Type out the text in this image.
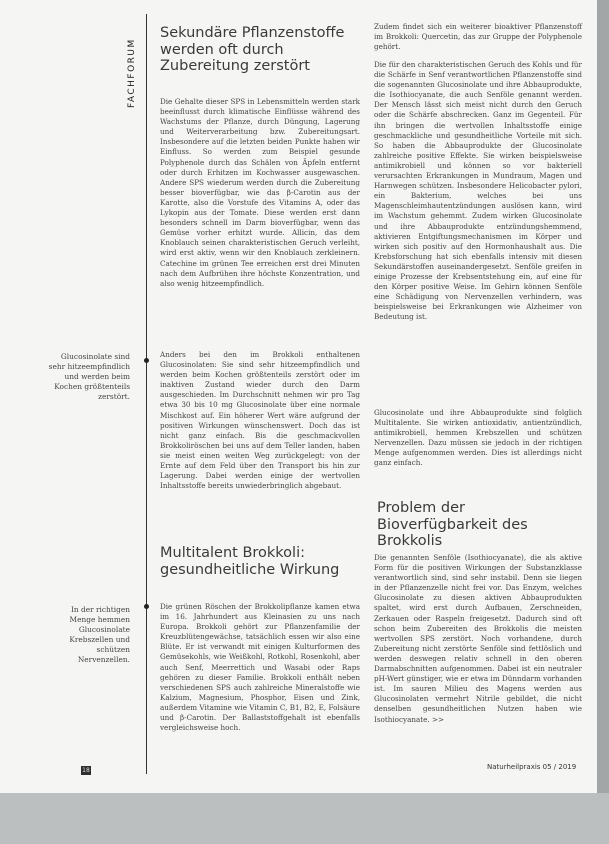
FACHFORUM
Sekundäre Pflanzenstoffe werden oft durch Zubereitung zerstört

Die Gehalte dieser SPS in Lebensmitteln werden stark beeinflusst durch klimatische Einflüsse während des Wachstums der Pflanze, durch Düngung, Lagerung und Weiterverarbeitung bzw. Zubereitungsart. Insbesondere auf die letzten beiden Punkte haben wir Einfluss. So werden zum Beispiel gesunde Polyphenole durch das Schälen von Äpfeln entfernt oder durch Erhitzen im Kochwasser ausgewaschen. Andere SPS wiederum werden durch die Zubereitung besser bioverfügbar, wie das β-Carotin aus der Karotte, also die Vorstufe des Vitamins A, oder das Lykopin aus der Tomate. Diese werden erst dann besonders schnell im Darm bioverfügbar, wenn das Gemüse vorher erhitzt wurde. Allicin, das dem Knoblauch seinen charakteristischen Geruch verleiht, wird erst aktiv, wenn wir den Knoblauch zerkleinern. Catechine im grünen Tee erreichen erst drei Minuten nach dem Aufbrühen ihre höchste Konzentration, und also wenig hitzeempfindlich.

Glucosinolate sind sehr hitzeempfindlich und werden beim Kochen größtenteils zerstört.

Anders bei den im Brokkoli enthaltenen Glucosinolaten: Sie sind sehr hitzeempfindlich und werden beim Kochen größtenteils zerstört oder im inaktiven Zustand wieder durch den Darm ausgeschieden. Im Durchschnitt nehmen wir pro Tag etwa 30 bis 10 mg Glucosinolate über eine normale Mischkost auf. Ein höherer Wert wäre aufgrund der positiven Wirkungen wünschenswert. Doch das ist nicht ganz einfach. Bis die geschmackvollen Brokkoliröschen bei uns auf dem Teller landen, haben sie meist einen weiten Weg zurückgelegt: von der Ernte auf dem Feld über den Transport bis hin zur Lagerung. Dabei werden einige der wertvollen Inhaltsstoffe bereits unwiederbringlich abgebaut.

Multitalent Brokkoli: gesundheitliche Wirkung

In der richtigen Menge hemmen Glucosinolate Krebszellen und schützen Nervenzellen.

Die grünen Röschen der Brokkolipflanze kamen etwa im 16. Jahrhundert aus Kleinasien zu uns nach Europa. Brokkoli gehört zur Pflanzenfamilie der Kreuzblütengewächse, tatsächlich essen wir also eine Blüte. Er ist verwandt mit einigen Kulturformen des Gemüsekohls, wie Weißkohl, Rotkohl, Rosenkohl, aber auch Senf, Meerrettich und Wasabi oder Raps gehören zu dieser Familie. Brokkoli enthält neben verschiedenen SPS auch zahlreiche Mineralstoffe wie Kalzium, Magnesium, Phosphor, Eisen und Zink, außerdem Vitamine wie Vitamin C, B1, B2, E, Folsäure und β-Carotin. Der Ballaststoffgehalt ist ebenfalls vergleichsweise hoch.

Zudem findet sich ein weiterer bioaktiver Pflanzenstoff im Brokkoli: Quercetin, das zur Gruppe der Polyphenole gehört.

Die für den charakteristischen Geruch des Kohls und für die Schärfe in Senf verantwortlichen Pflanzenstoffe sind die sogenannten Glucosinolate und ihre Abbauprodukte, die Isothiocyanate, die auch Senföle genannt werden. Der Mensch lässt sich meist nicht durch den Geruch oder die Schärfe abschrecken. Ganz im Gegenteil. Für ihn bringen die wertvollen Inhaltsstoffe einige geschmackliche und gesundheitliche Vorteile mit sich. So haben die Abbauprodukte der Glucosinolate zahlreiche positive Effekte. Sie wirken beispielsweise antimikrobiell und können so vor bakteriell verursachten Erkrankungen in Mundraum, Magen und Harnwegen schützen. Insbesondere Helicobacter pylori, ein Bakterium, welches bei uns Magenschleimhautentzündungen auslösen kann, wird im Wachstum gehemmt. Zudem wirken Glucosinolate und ihre Abbauprodukte entzündungshemmend, aktivieren Entgiftungsmechanismen im Körper und wirken sich positiv auf den Hormonhaushalt aus. Die Krebsforschung hat sich ebenfalls intensiv mit diesen Sekundärstoffen auseinandergesetzt. Senföle greifen in einige Prozesse der Krebsentstehung ein, auf eine für den Körper positive Weise. Im Gehirn können Senföle eine Schädigung von Nervenzellen verhindern, was beispielsweise bei Erkrankungen wie Alzheimer von Bedeutung ist.

Glucosinolate und ihre Abbauprodukte sind folglich Multitalente. Sie wirken antioxidativ, antientzündlich, antimikrobiell, hemmen Krebszellen und schützen Nervenzellen. Dazu müssen sie jedoch in der richtigen Menge aufgenommen werden. Dies ist allerdings nicht ganz einfach.

Problem der Bioverfügbarkeit des Brokkolis

Die genannten Senföle (Isothiocyanate), die als aktive Form für die positiven Wirkungen der Substanzklasse verantwortlich sind, sind sehr instabil. Denn sie liegen in der Pflanzenzelle nicht frei vor. Das Enzym, welches Glucosinolate zu diesen aktiven Abbauprodukten spaltet, wird erst durch Aufbauen, Zerschneiden, Zerkauen oder Raspeln freigesetzt. Dadurch sind oft schon beim Zubereiten des Brokkolis die meisten wertvollen SPS zerstört. Noch vorhandene, durch Zubereitung nicht zerstörte Senföle sind fettlöslich und werden deswegen relativ schnell in den oberen Darmabschnitten aufgenommen. Dabei ist ein neutraler pH-Wert günstiger, wie er etwa im Dünndarm vorhanden ist. Im sauren Milieu des Magens werden aus Glucosinolaten vermehrt Nitrile gebildet, die nicht denselben gesundheitlichen Nutzen haben wie Isothiocyanate. >>

18	Naturheilpraxis 05 / 2019
